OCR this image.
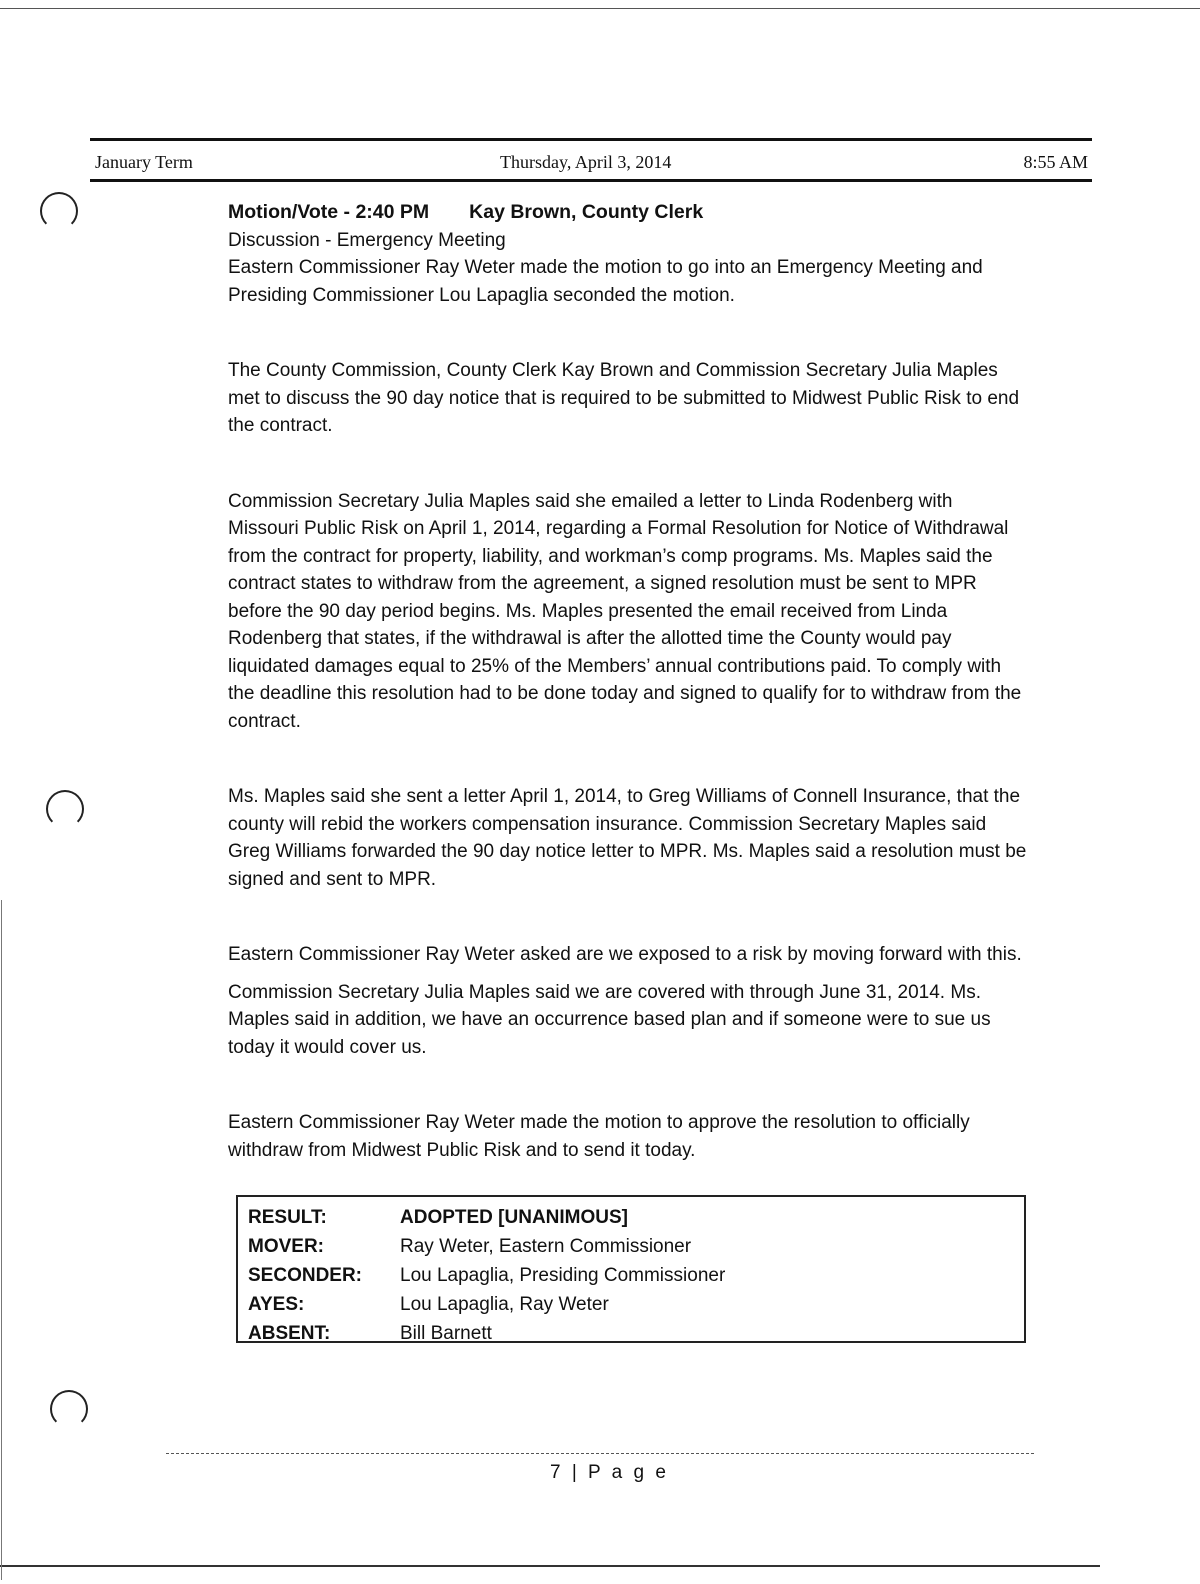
January Term	Thursday, April 3, 2014	8:55 AM

Motion/Vote - 2:40 PM Kay Brown, County Clerk

Discussion - Emergency Meeting

Eastern Commissioner Ray Weter made the motion to go into an Emergency Meeting and Presiding Commissioner Lou Lapaglia seconded the motion.

The County Commission, County Clerk Kay Brown and Commission Secretary Julia Maples met to discuss the 90 day notice that is required to be submitted to Midwest Public Risk to end the contract.

Commission Secretary Julia Maples said she emailed a letter to Linda Rodenberg with Missouri Public Risk on April 1, 2014, regarding a Formal Resolution for Notice of Withdrawal from the contract for property, liability, and workman’s comp programs. Ms. Maples said the contract states to withdraw from the agreement, a signed resolution must be sent to MPR before the 90 day period begins. Ms. Maples presented the email received from Linda Rodenberg that states, if the withdrawal is after the allotted time the County would pay liquidated damages equal to 25% of the Members’ annual contributions paid. To comply with the deadline this resolution had to be done today and signed to qualify for to withdraw from the contract.

Ms. Maples said she sent a letter April 1, 2014, to Greg Williams of Connell Insurance, that the county will rebid the workers compensation insurance. Commission Secretary Maples said Greg Williams forwarded the 90 day notice letter to MPR. Ms. Maples said a resolution must be signed and sent to MPR.

Eastern Commissioner Ray Weter asked are we exposed to a risk by moving forward with this.

Commission Secretary Julia Maples said we are covered with through June 31, 2014. Ms. Maples said in addition, we have an occurrence based plan and if someone were to sue us today it would cover us.

Eastern Commissioner Ray Weter made the motion to approve the resolution to officially withdraw from Midwest Public Risk and to send it today.

RESULT:	ADOPTED [UNANIMOUS]
MOVER:	Ray Weter, Eastern Commissioner
SECONDER:	Lou Lapaglia, Presiding Commissioner
AYES:	Lou Lapaglia, Ray Weter
ABSENT:	Bill Barnett
7 | P a g e
